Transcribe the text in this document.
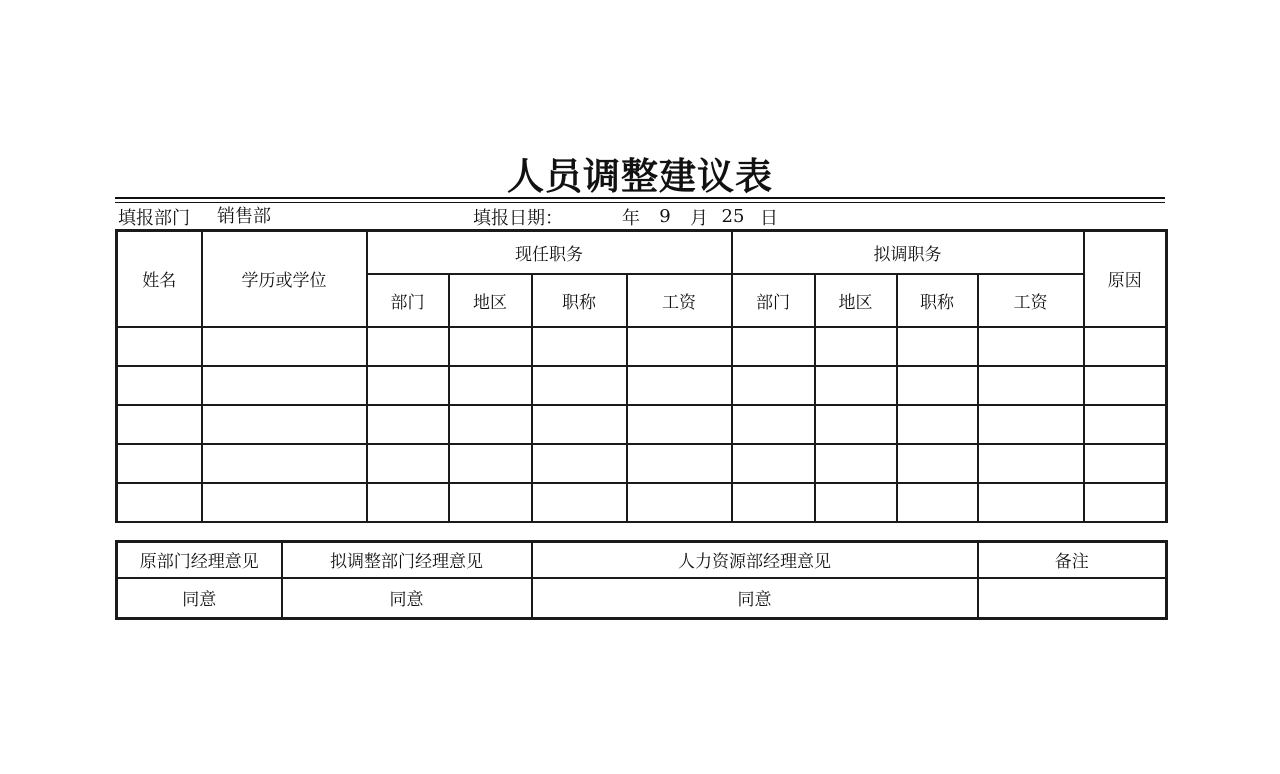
人员调整建议表
填报部门 销售部	填报日期：	年 9 月 25 日
姓名	学历或学位	现任职务				拟调职务				原因
		部门	地区	职称	工资	部门	地区	职称	工资	

原部门经理意见	拟调整部门经理意见	人力资源部经理意见	备注
同意	同意	同意	
